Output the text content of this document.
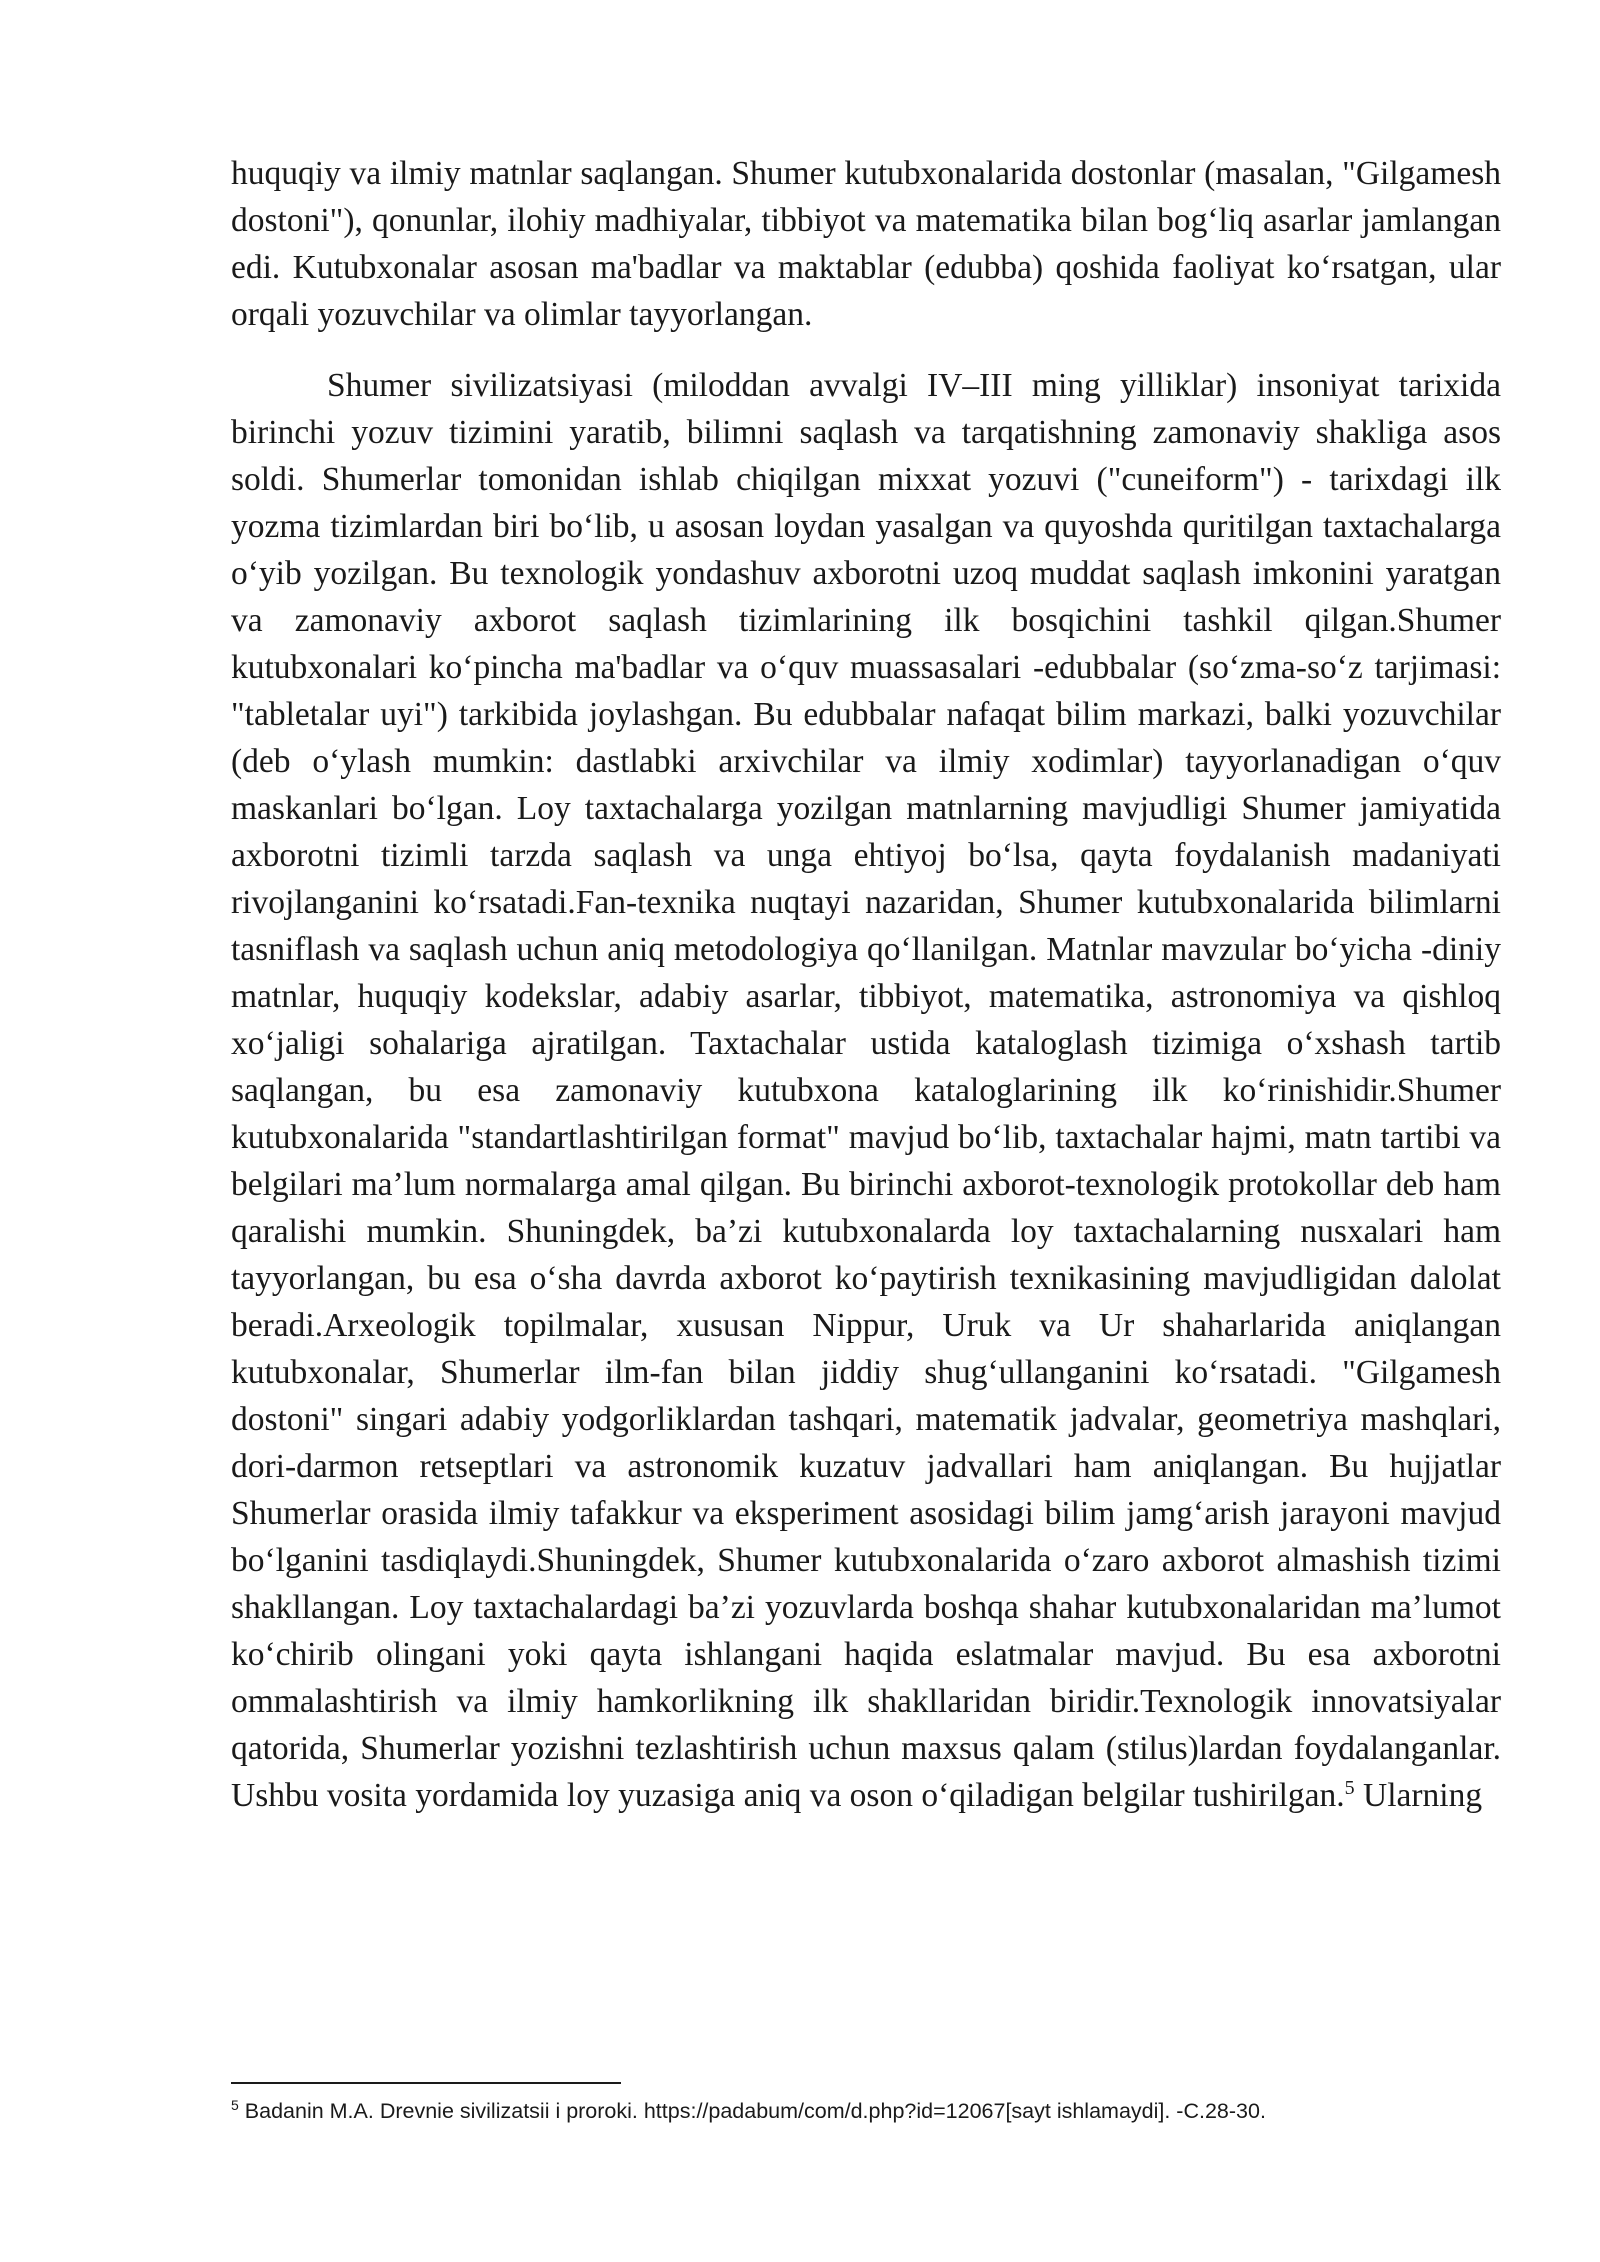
huquqiy va ilmiy matnlar saqlangan. Shumer kutubxonalarida dostonlar (masalan, "Gilgamesh dostoni"), qonunlar, ilohiy madhiyalar, tibbiyot va matematika bilan bog‘liq asarlar jamlangan edi. Kutubxonalar asosan ma'badlar va maktablar (edubba) qoshida faoliyat ko‘rsatgan, ular orqali yozuvchilar va olimlar tayyorlangan.

Shumer sivilizatsiyasi (miloddan avvalgi IV–III ming yilliklar) insoniyat tarixida birinchi yozuv tizimini yaratib, bilimni saqlash va tarqatishning zamonaviy shakliga asos soldi. Shumerlar tomonidan ishlab chiqilgan mixxat yozuvi ("cuneiform") - tarixdagi ilk yozma tizimlardan biri bo‘lib, u asosan loydan yasalgan va quyoshda quritilgan taxtachalarga o‘yib yozilgan. Bu texnologik yondashuv axborotni uzoq muddat saqlash imkonini yaratgan va zamonaviy axborot saqlash tizimlarining ilk bosqichini tashkil qilgan.Shumer kutubxonalari ko‘pincha ma'badlar va o‘quv muassasalari -edubbalar (so‘zma-so‘z tarjimasi: "tabletalar uyi") tarkibida joylashgan. Bu edubbalar nafaqat bilim markazi, balki yozuvchilar (deb o‘ylash mumkin: dastlabki arxivchilar va ilmiy xodimlar) tayyorlanadigan o‘quv maskanlari bo‘lgan. Loy taxtachalarga yozilgan matnlarning mavjudligi Shumer jamiyatida axborotni tizimli tarzda saqlash va unga ehtiyoj bo‘lsa, qayta foydalanish madaniyati rivojlanganini ko‘rsatadi.Fan-texnika nuqtayi nazaridan, Shumer kutubxonalarida bilimlarni tasniflash va saqlash uchun aniq metodologiya qo‘llanilgan. Matnlar mavzular bo‘yicha -diniy matnlar, huquqiy kodekslar, adabiy asarlar, tibbiyot, matematika, astronomiya va qishloq xo‘jaligi sohalariga ajratilgan. Taxtachalar ustida kataloglash tizimiga o‘xshash tartib saqlangan, bu esa zamonaviy kutubxona kataloglarining ilk ko‘rinishidir.Shumer kutubxonalarida "standartlashtirilgan format" mavjud bo‘lib, taxtachalar hajmi, matn tartibi va belgilari ma’lum normalarga amal qilgan. Bu birinchi axborot-texnologik protokollar deb ham qaralishi mumkin. Shuningdek, ba’zi kutubxonalarda loy taxtachalarning nusxalari ham tayyorlangan, bu esa o‘sha davrda axborot ko‘paytirish texnikasining mavjudligidan dalolat beradi.Arxeologik topilmalar, xususan Nippur, Uruk va Ur shaharlarida aniqlangan kutubxonalar, Shumerlar ilm-fan bilan jiddiy shug‘ullanganini ko‘rsatadi. "Gilgamesh dostoni" singari adabiy yodgorliklardan tashqari, matematik jadvalar, geometriya mashqlari, dori-darmon retseptlari va astronomik kuzatuv jadvallari ham aniqlangan. Bu hujjatlar Shumerlar orasida ilmiy tafakkur va eksperiment asosidagi bilim jamg‘arish jarayoni mavjud bo‘lganini tasdiqlaydi.Shuningdek, Shumer kutubxonalarida o‘zaro axborot almashish tizimi shakllangan. Loy taxtachalardagi ba’zi yozuvlarda boshqa shahar kutubxonalaridan ma’lumot ko‘chirib olingani yoki qayta ishlangani haqida eslatmalar mavjud. Bu esa axborotni ommalashtirish va ilmiy hamkorlikning ilk shakllaridan biridir.Texnologik innovatsiyalar qatorida, Shumerlar yozishni tezlashtirish uchun maxsus qalam (stilus)lardan foydalanganlar. Ushbu vosita yordamida loy yuzasiga aniq va oson o‘qiladigan belgilar tushirilgan.$^5$ Ularning

$^5$ Badanin M.A. Drevnie sivilizatsii i proroki. https://padabum/com/d.php?id=12067[sayt ishlamaydi]. -C.28-30.
